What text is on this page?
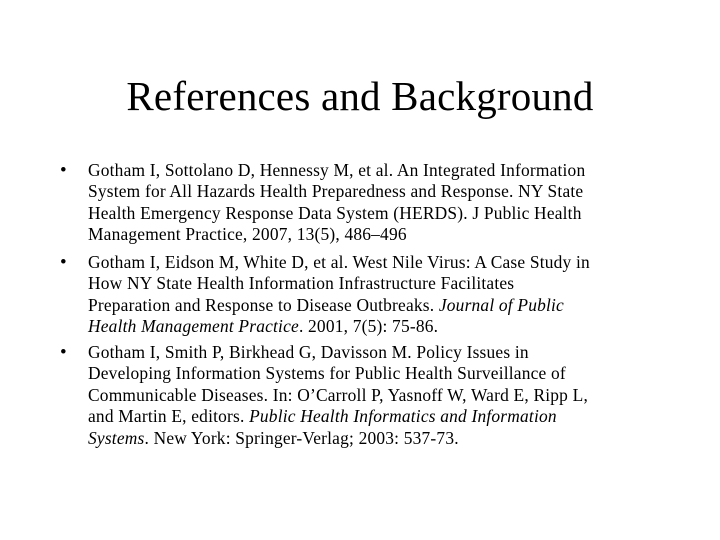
References and Background
• Gotham I, Sottolano D, Hennessy M, et al. An Integrated Information
System for All Hazards Health Preparedness and Response. NY State
Health Emergency Response Data System (HERDS). J Public Health
Management Practice, 2007, 13(5), 486–496
• Gotham I, Eidson M, White D, et al. West Nile Virus: A Case Study in
How NY State Health Information Infrastructure Facilitates
Preparation and Response to Disease Outbreaks. Journal of Public
Health Management Practice. 2001, 7(5): 75-86.
• Gotham I, Smith P, Birkhead G, Davisson M. Policy Issues in
Developing Information Systems for Public Health Surveillance of
Communicable Diseases. In: O’Carroll P, Yasnoff W, Ward E, Ripp L,
and Martin E, editors. Public Health Informatics and Information
Systems. New York: Springer-Verlag; 2003: 537-73.
